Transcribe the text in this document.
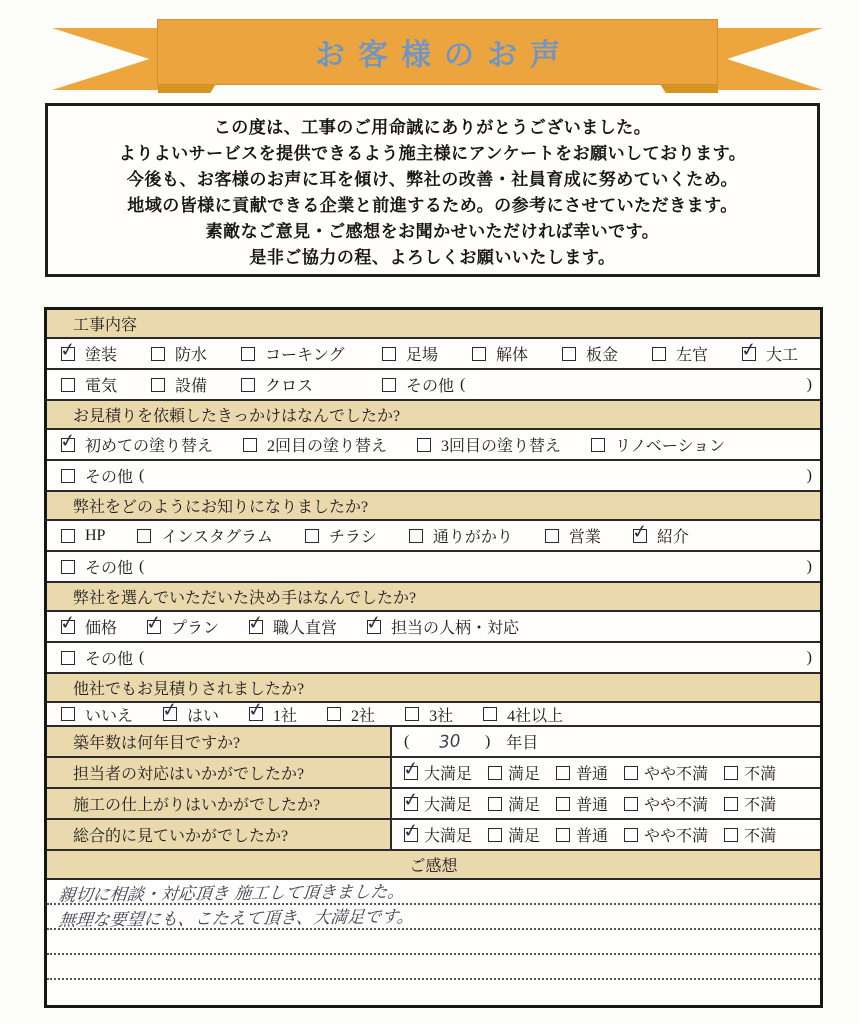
お客様のお声

この度は、工事のご用命誠にありがとうございました。

よりよいサービスを提供できるよう施主様にアンケートをお願いしております。

今後も、お客様のお声に耳を傾け、弊社の改善・社員育成に努めていくため。

地域の皆様に貢献できる企業と前進するため。の参考にさせていただきます。

素敵なご意見・ご感想をお聞かせいただければ幸いです。

是非ご協力の程、よろしくお願いいたします。

工事内容
✓
塗装	防水	コーキング	足場	解体	板金	左官 ✓	大工
電気	設備	クロス	その他 (	)
お見積りを依頼したきっかけはなんでしたか?
✓
初めての塗り替え	2回目の塗り替え	3回目の塗り替え	リノベーション
その他 (	)
弊社をどのようにお知りになりましたか?
HP	インスタグラム	チラシ	通りがかり	営業 ✓	紹介
その他 (	)
弊社を選んでいただいた決め手はなんでしたか?
✓
価格 ✓	プラン ✓	職人直営 ✓	担当の人柄・対応
その他 (	)
他社でもお見積りされましたか?
いいえ ✓	はい ✓	1社	2社	3社	4社以上
築年数は何年目ですか?	( 30 ) 年目
担当者の対応はいかがでしたか? ✓	大満足 満足 普通 やや不満 不満
施工の仕上がりはいかがでしたか? ✓	大満足 満足 普通 やや不満 不満
総合的に見ていかがでしたか? ✓	大満足 満足 普通 やや不満 不満
ご感想
親切に相談・対応頂き 施工して頂きました。
無理な要望にも、こたえて頂き、大満足です。
